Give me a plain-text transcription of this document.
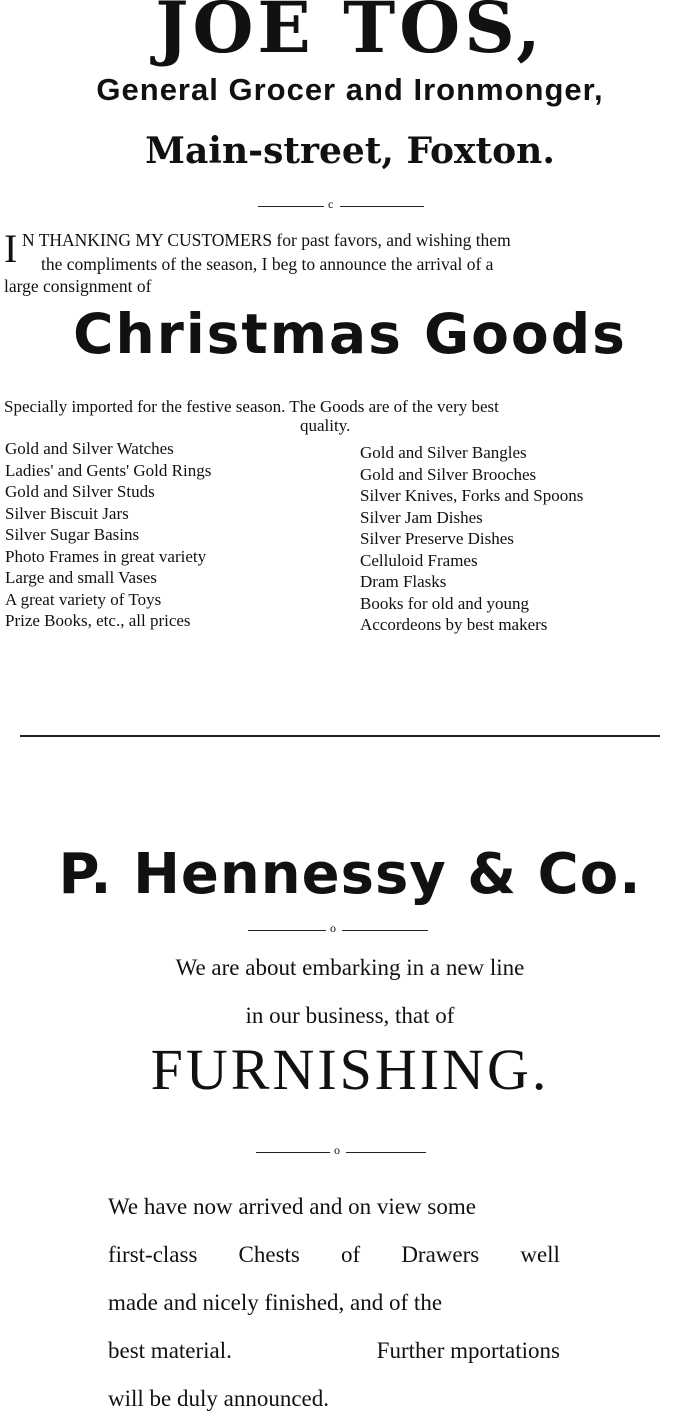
JOE TOS,
General Grocer and Ironmonger,
Main-street, Foxton.
c
I N THANKING MY CUSTOMERS for past favors, and wishing them
the compliments of the season, I beg to announce the arrival of a
large consignment of
Christmas Goods
Specially imported for the festive season. The Goods are of the very best
quality.
Gold and Silver Watches
Ladies' and Gents' Gold Rings
Gold and Silver Studs
Silver Biscuit Jars
Silver Sugar Basins
Photo Frames in great variety
Large and small Vases
A great variety of Toys
Prize Books, etc., all prices
Gold and Silver Bangles
Gold and Silver Brooches
Silver Knives, Forks and Spoons
Silver Jam Dishes
Silver Preserve Dishes
Celluloid Frames
Dram Flasks
Books for old and young
Accordeons by best makers
P. Hennessy & Co.
o
We are about embarking in a new line
in our business, that of
FURNISHING.
o
We have now arrived and on view some
first-class Chests of Drawers well
made and nicely finished, and of the
best material.	Further mportations
will be duly announced.
